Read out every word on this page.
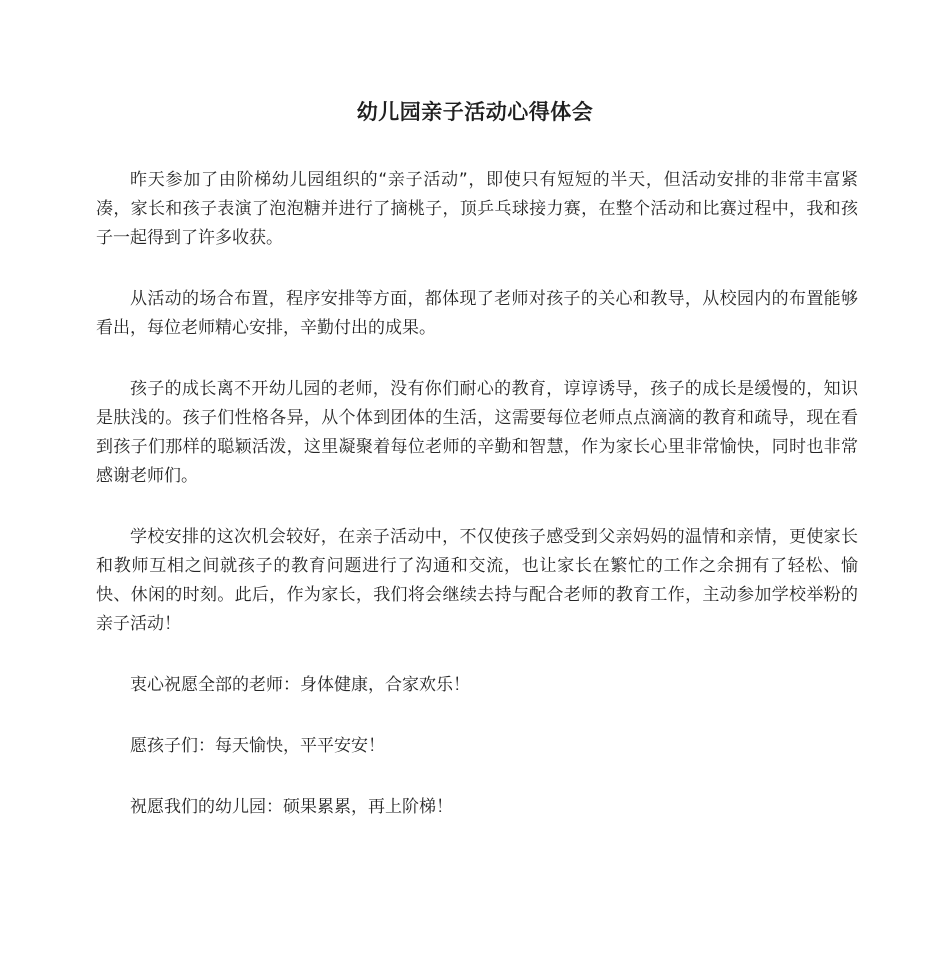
幼儿园亲子活动心得体会

昨天参加了由阶梯幼儿园组织的“亲子活动”，即使只有短短的半天，但活动安排的非常丰富紧凑，家长和孩子表演了泡泡糖并进行了摘桃子，顶乒乓球接力赛，在整个活动和比赛过程中，我和孩子一起得到了许多收获。

从活动的场合布置，程序安排等方面，都体现了老师对孩子的关心和教导，从校园内的布置能够看出，每位老师精心安排，辛勤付出的成果。

孩子的成长离不开幼儿园的老师，没有你们耐心的教育，谆谆诱导，孩子的成长是缓慢的，知识是肤浅的。孩子们性格各异，从个体到团体的生活，这需要每位老师点点滴滴的教育和疏导，现在看到孩子们那样的聪颖活泼，这里凝聚着每位老师的辛勤和智慧，作为家长心里非常愉快，同时也非常感谢老师们。

学校安排的这次机会较好，在亲子活动中，不仅使孩子感受到父亲妈妈的温情和亲情，更使家长和教师互相之间就孩子的教育问题进行了沟通和交流，也让家长在繁忙的工作之余拥有了轻松、愉快、休闲的时刻。此后，作为家长，我们将会继续去持与配合老师的教育工作，主动参加学校举粉的亲子活动！

衷心祝愿全部的老师：身体健康，合家欢乐！

愿孩子们：每天愉快，平平安安！

祝愿我们的幼儿园：硕果累累，再上阶梯！
